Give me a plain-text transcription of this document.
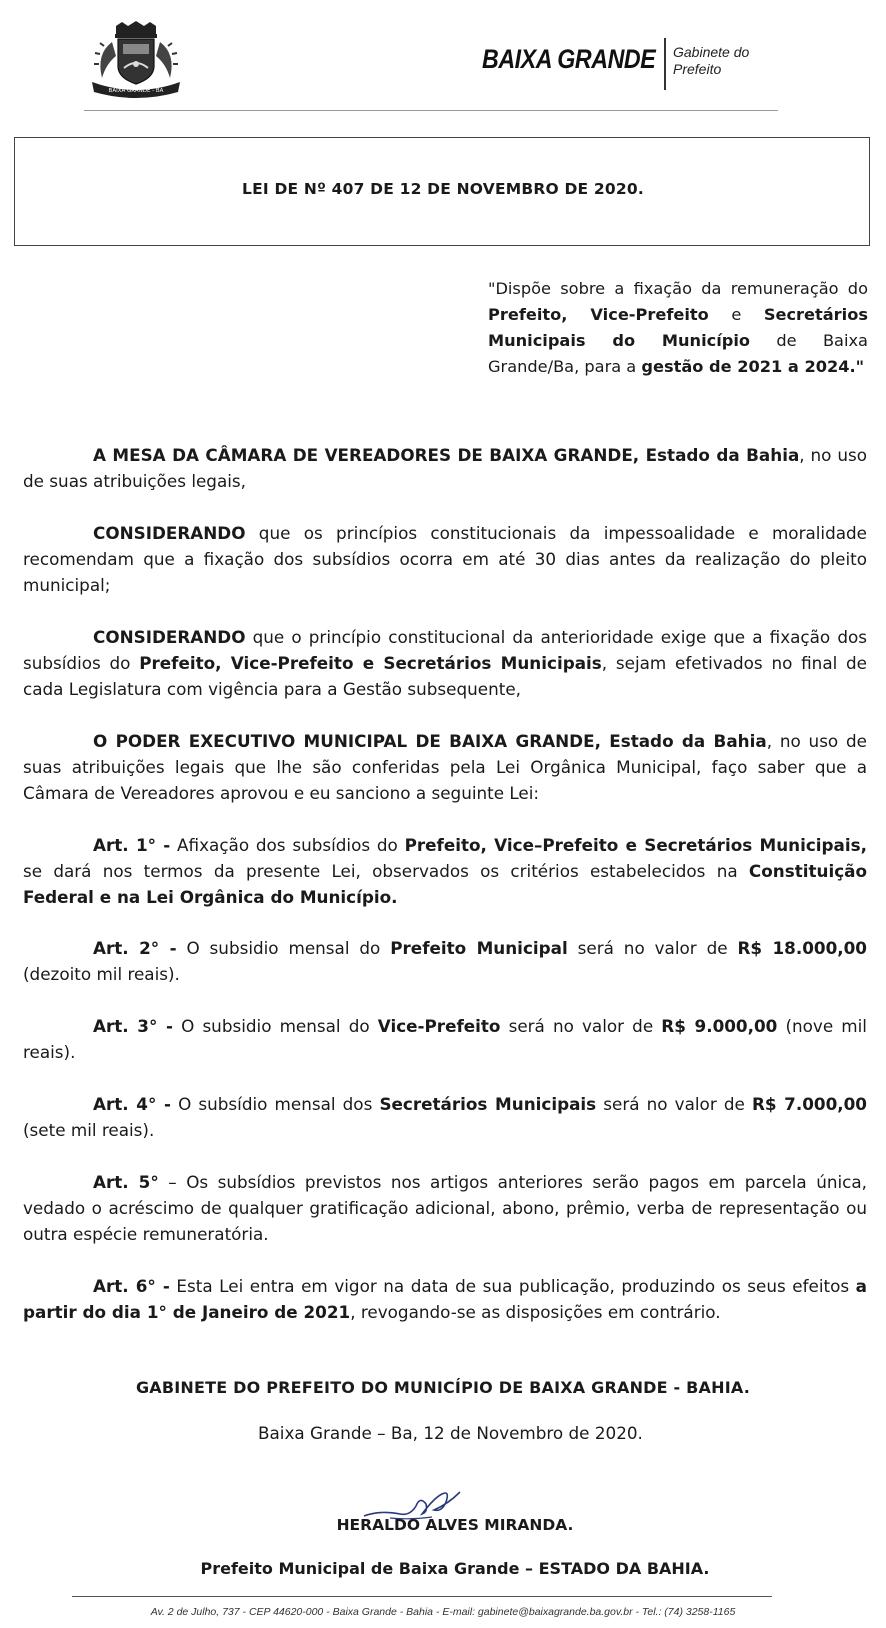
BAIXA GRANDE - BA
BAIXA GRANDE Gabinete do
Prefeito
LEI DE Nº 407 DE 12 DE NOVEMBRO DE 2020.
"Dispõe sobre a fixação da remuneração do Prefeito, Vice-Prefeito e Secretários Municipais do Município de Baixa Grande/Ba, para a gestão de 2021 a 2024."
A MESA DA CÂMARA DE VEREADORES DE BAIXA GRANDE, Estado da Bahia, no uso de suas atribuições legais,
CONSIDERANDO que os princípios constitucionais da impessoalidade e moralidade recomendam que a fixação dos subsídios ocorra em até 30 dias antes da realização do pleito municipal;
CONSIDERANDO que o princípio constitucional da anterioridade exige que a fixação dos subsídios do Prefeito, Vice-Prefeito e Secretários Municipais, sejam efetivados no final de cada Legislatura com vigência para a Gestão subsequente,
O PODER EXECUTIVO MUNICIPAL DE BAIXA GRANDE, Estado da Bahia, no uso de suas atribuições legais que lhe são conferidas pela Lei Orgânica Municipal, faço saber que a Câmara de Vereadores aprovou e eu sanciono a seguinte Lei:
Art. 1° - Afixação dos subsídios do Prefeito, Vice–Prefeito e Secretários Municipais, se dará nos termos da presente Lei, observados os critérios estabelecidos na Constituição Federal e na Lei Orgânica do Município.
Art. 2° - O subsidio mensal do Prefeito Municipal será no valor de R$ 18.000,00 (dezoito mil reais).
Art. 3° - O subsidio mensal do Vice-Prefeito será no valor de R$ 9.000,00 (nove mil reais).
Art. 4° - O subsídio mensal dos Secretários Municipais será no valor de R$ 7.000,00 (sete mil reais).
Art. 5° – Os subsídios previstos nos artigos anteriores serão pagos em parcela única, vedado o acréscimo de qualquer gratificação adicional, abono, prêmio, verba de representação ou outra espécie remuneratória.
Art. 6° - Esta Lei entra em vigor na data de sua publicação, produzindo os seus efeitos a partir do dia 1° de Janeiro de 2021, revogando-se as disposições em contrário.
GABINETE DO PREFEITO DO MUNICÍPIO DE BAIXA GRANDE - BAHIA.
Baixa Grande – Ba, 12 de Novembro de 2020.
HERALDO ALVES MIRANDA.
Prefeito Municipal de Baixa Grande – ESTADO DA BAHIA.
Av. 2 de Julho, 737 - CEP 44620-000 - Baixa Grande - Bahia - E-mail: gabinete@baixagrande.ba.gov.br - Tel.: (74) 3258-1165
